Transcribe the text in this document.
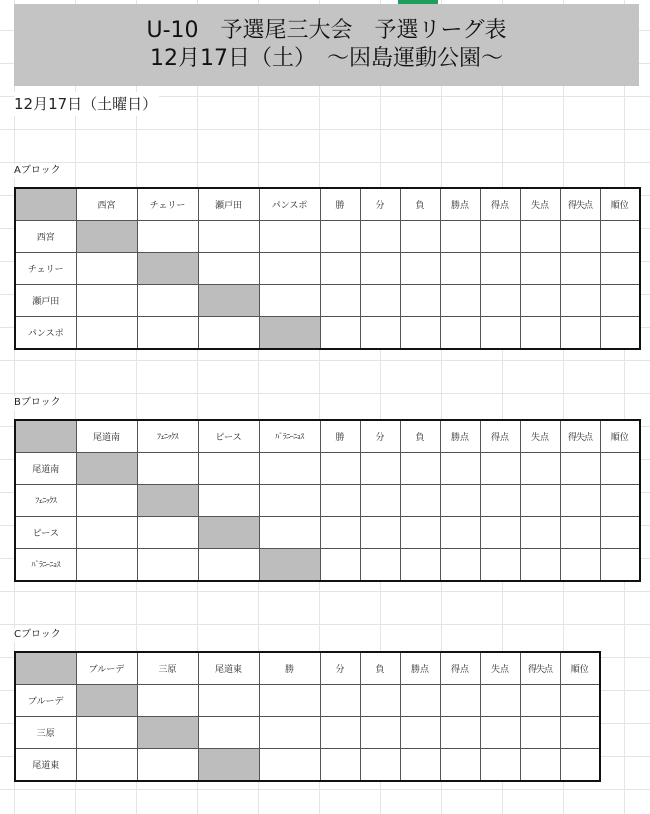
U-10　予選尾三大会　予選リーグ表
12月17日（土）　～因島運動公園～
12月17日（土曜日）
Aブロック
	西宮	チェリー	瀬戸田	パンスポ	勝	分	負	勝点	得点	失点	得失点	順位
西宮												
チェリー												
瀬戸田												
パンスポ												
Bブロック
	尾道南	ﾌｪﾆｯｸｽ	ピース	ﾊﾟﾗﾆｰﾆｮｽ	勝	分	負	勝点	得点	失点	得失点	順位
尾道南												
ﾌｪﾆｯｸｽ												
ピース												
ﾊﾟﾗﾆｰﾆｮｽ												
Cブロック
	ブルーデ	三原	尾道東	勝	分	負	勝点	得点	失点	得失点	順位
ブルーデ											
三原											
尾道東											
